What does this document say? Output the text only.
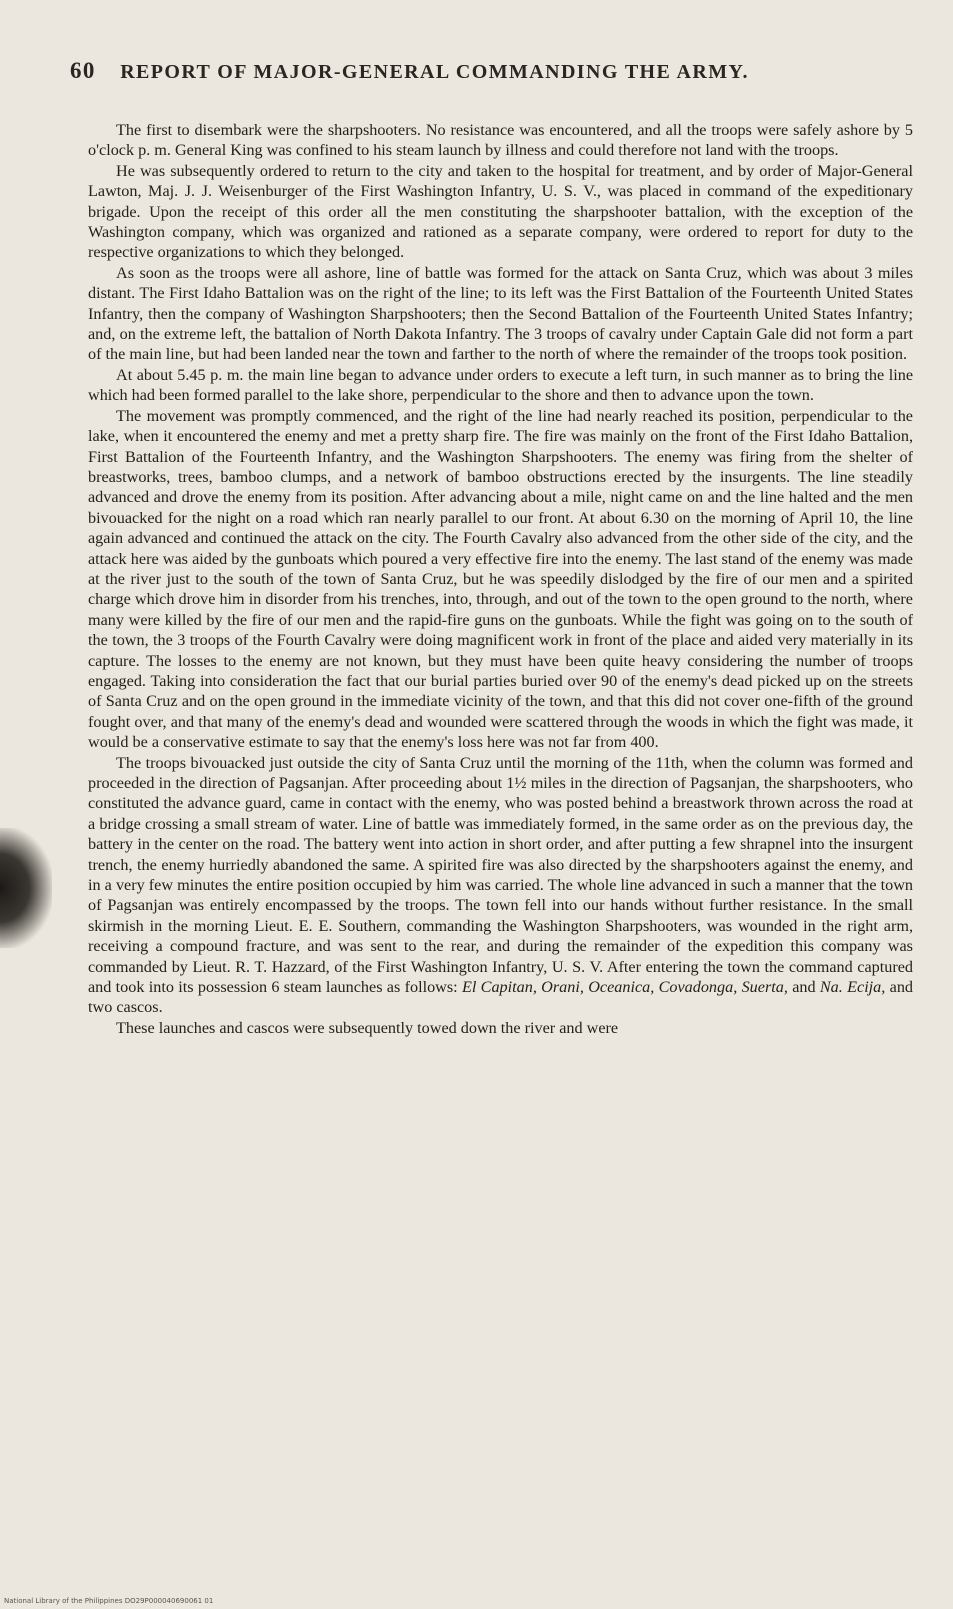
60 REPORT OF MAJOR-GENERAL COMMANDING THE ARMY.

The first to disembark were the sharpshooters. No resistance was encountered, and all the troops were safely ashore by 5 o'clock p. m. General King was confined to his steam launch by illness and could therefore not land with the troops.

He was subsequently ordered to return to the city and taken to the hospital for treatment, and by order of Major-General Lawton, Maj. J. J. Weisenburger of the First Washington Infantry, U. S. V., was placed in command of the expeditionary brigade. Upon the receipt of this order all the men constituting the sharpshooter battalion, with the exception of the Washington company, which was organized and rationed as a separate company, were ordered to report for duty to the respective organizations to which they belonged.

As soon as the troops were all ashore, line of battle was formed for the attack on Santa Cruz, which was about 3 miles distant. The First Idaho Battalion was on the right of the line; to its left was the First Battalion of the Fourteenth United States Infantry, then the company of Washington Sharpshooters; then the Second Battalion of the Fourteenth United States Infantry; and, on the extreme left, the battalion of North Dakota Infantry. The 3 troops of cavalry under Captain Gale did not form a part of the main line, but had been landed near the town and farther to the north of where the remainder of the troops took position.

At about 5.45 p. m. the main line began to advance under orders to execute a left turn, in such manner as to bring the line which had been formed parallel to the lake shore, perpendicular to the shore and then to advance upon the town.

The movement was promptly commenced, and the right of the line had nearly reached its position, perpendicular to the lake, when it encountered the enemy and met a pretty sharp fire. The fire was mainly on the front of the First Idaho Battalion, First Battalion of the Fourteenth Infantry, and the Washington Sharpshooters. The enemy was firing from the shelter of breastworks, trees, bamboo clumps, and a network of bamboo obstructions erected by the insurgents. The line steadily advanced and drove the enemy from its position. After advancing about a mile, night came on and the line halted and the men bivouacked for the night on a road which ran nearly parallel to our front. At about 6.30 on the morning of April 10, the line again advanced and continued the attack on the city. The Fourth Cavalry also advanced from the other side of the city, and the attack here was aided by the gunboats which poured a very effective fire into the enemy. The last stand of the enemy was made at the river just to the south of the town of Santa Cruz, but he was speedily dislodged by the fire of our men and a spirited charge which drove him in disorder from his trenches, into, through, and out of the town to the open ground to the north, where many were killed by the fire of our men and the rapid-fire guns on the gunboats. While the fight was going on to the south of the town, the 3 troops of the Fourth Cavalry were doing magnificent work in front of the place and aided very materially in its capture. The losses to the enemy are not known, but they must have been quite heavy considering the number of troops engaged. Taking into consideration the fact that our burial parties buried over 90 of the enemy's dead picked up on the streets of Santa Cruz and on the open ground in the immediate vicinity of the town, and that this did not cover one-fifth of the ground fought over, and that many of the enemy's dead and wounded were scattered through the woods in which the fight was made, it would be a conservative estimate to say that the enemy's loss here was not far from 400.

The troops bivouacked just outside the city of Santa Cruz until the morning of the 11th, when the column was formed and proceeded in the direction of Pagsanjan. After proceeding about 1½ miles in the direction of Pagsanjan, the sharpshooters, who constituted the advance guard, came in contact with the enemy, who was posted behind a breastwork thrown across the road at a bridge crossing a small stream of water. Line of battle was immediately formed, in the same order as on the previous day, the battery in the center on the road. The battery went into action in short order, and after putting a few shrapnel into the insurgent trench, the enemy hurriedly abandoned the same. A spirited fire was also directed by the sharpshooters against the enemy, and in a very few minutes the entire position occupied by him was carried. The whole line advanced in such a manner that the town of Pagsanjan was entirely encompassed by the troops. The town fell into our hands without further resistance. In the small skirmish in the morning Lieut. E. E. Southern, commanding the Washington Sharpshooters, was wounded in the right arm, receiving a compound fracture, and was sent to the rear, and during the remainder of the expedition this company was commanded by Lieut. R. T. Hazzard, of the First Washington Infantry, U. S. V. After entering the town the command captured and took into its possession 6 steam launches as follows: El Capitan, Orani, Oceanica, Covadonga, Suerta, and Na. Ecija, and two cascos.

These launches and cascos were subsequently towed down the river and were

National Library of the Philippines DO29P000040690061 01
